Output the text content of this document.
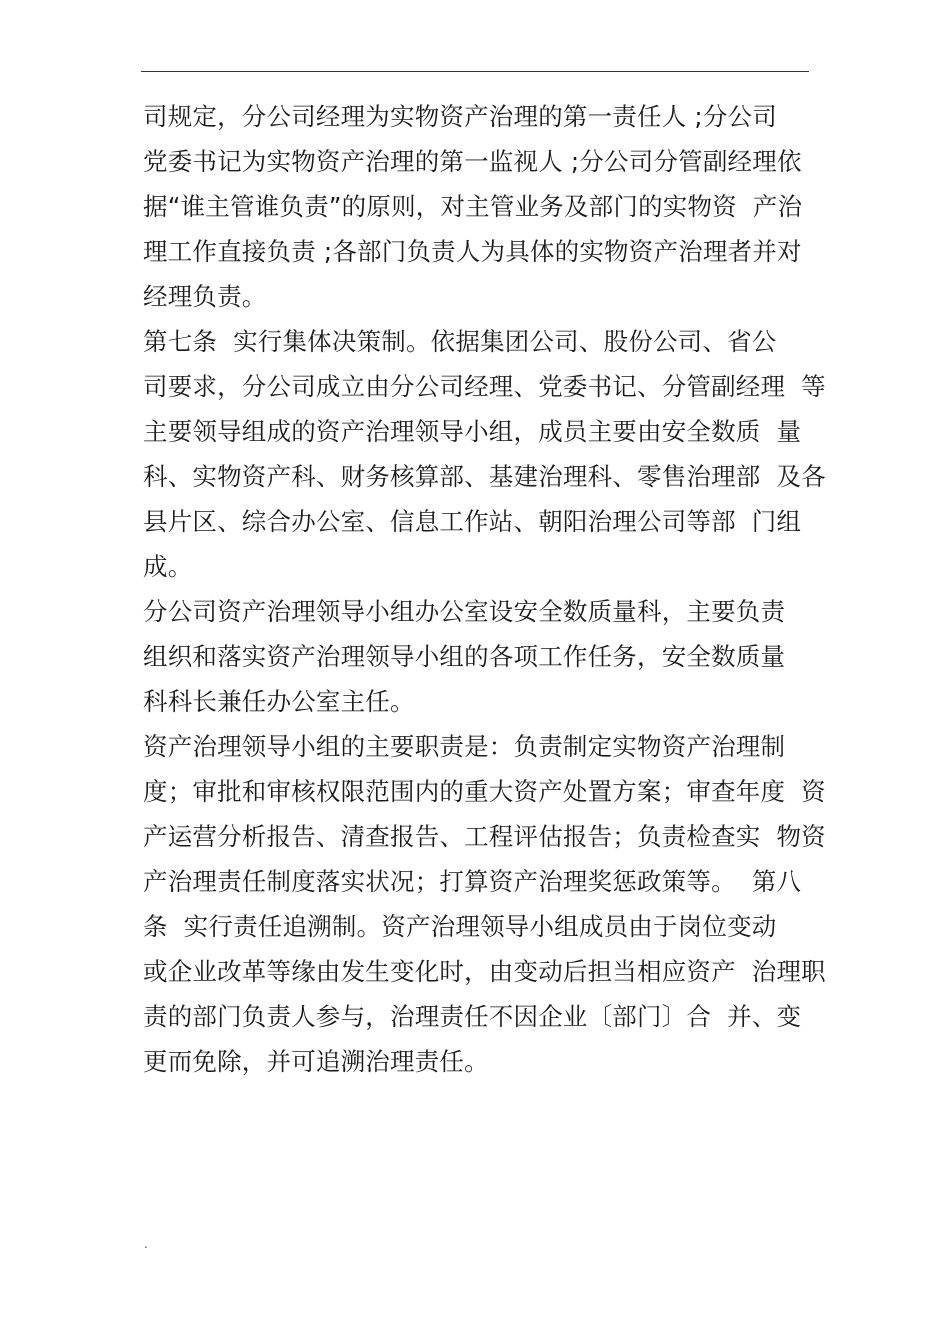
司规定，分公司经理为实物资产治理的第一责任人 ;分公司
党委书记为实物资产治理的第一监视人 ;分公司分管副经理依
据“谁主管谁负责”的原则，对主管业务及部门的实物资  产治
理工作直接负责 ;各部门负责人为具体的实物资产治理者并对
经理负责。
第七条  实行集体决策制。依据集团公司、股份公司、省公
司要求，分公司成立由分公司经理、党委书记、分管副经理  等
主要领导组成的资产治理领导小组，成员主要由安全数质  量
科、实物资产科、财务核算部、基建治理科、零售治理部  及各
县片区、综合办公室、信息工作站、朝阳治理公司等部  门组
成。
分公司资产治理领导小组办公室设安全数质量科，主要负责
组织和落实资产治理领导小组的各项工作任务，安全数质量
科科长兼任办公室主任。
资产治理领导小组的主要职责是：负责制定实物资产治理制
度；审批和审核权限范围内的重大资产处置方案；审查年度  资
产运营分析报告、清查报告、工程评估报告；负责检查实  物资
产治理责任制度落实状况；打算资产治理奖惩政策等。  第八
条  实行责任追溯制。资产治理领导小组成员由于岗位变动
或企业改革等缘由发生变化时，由变动后担当相应资产  治理职
责的部门负责人参与，治理责任不因企业〔部门〕合  并、变
更而免除，并可追溯治理责任。
.
